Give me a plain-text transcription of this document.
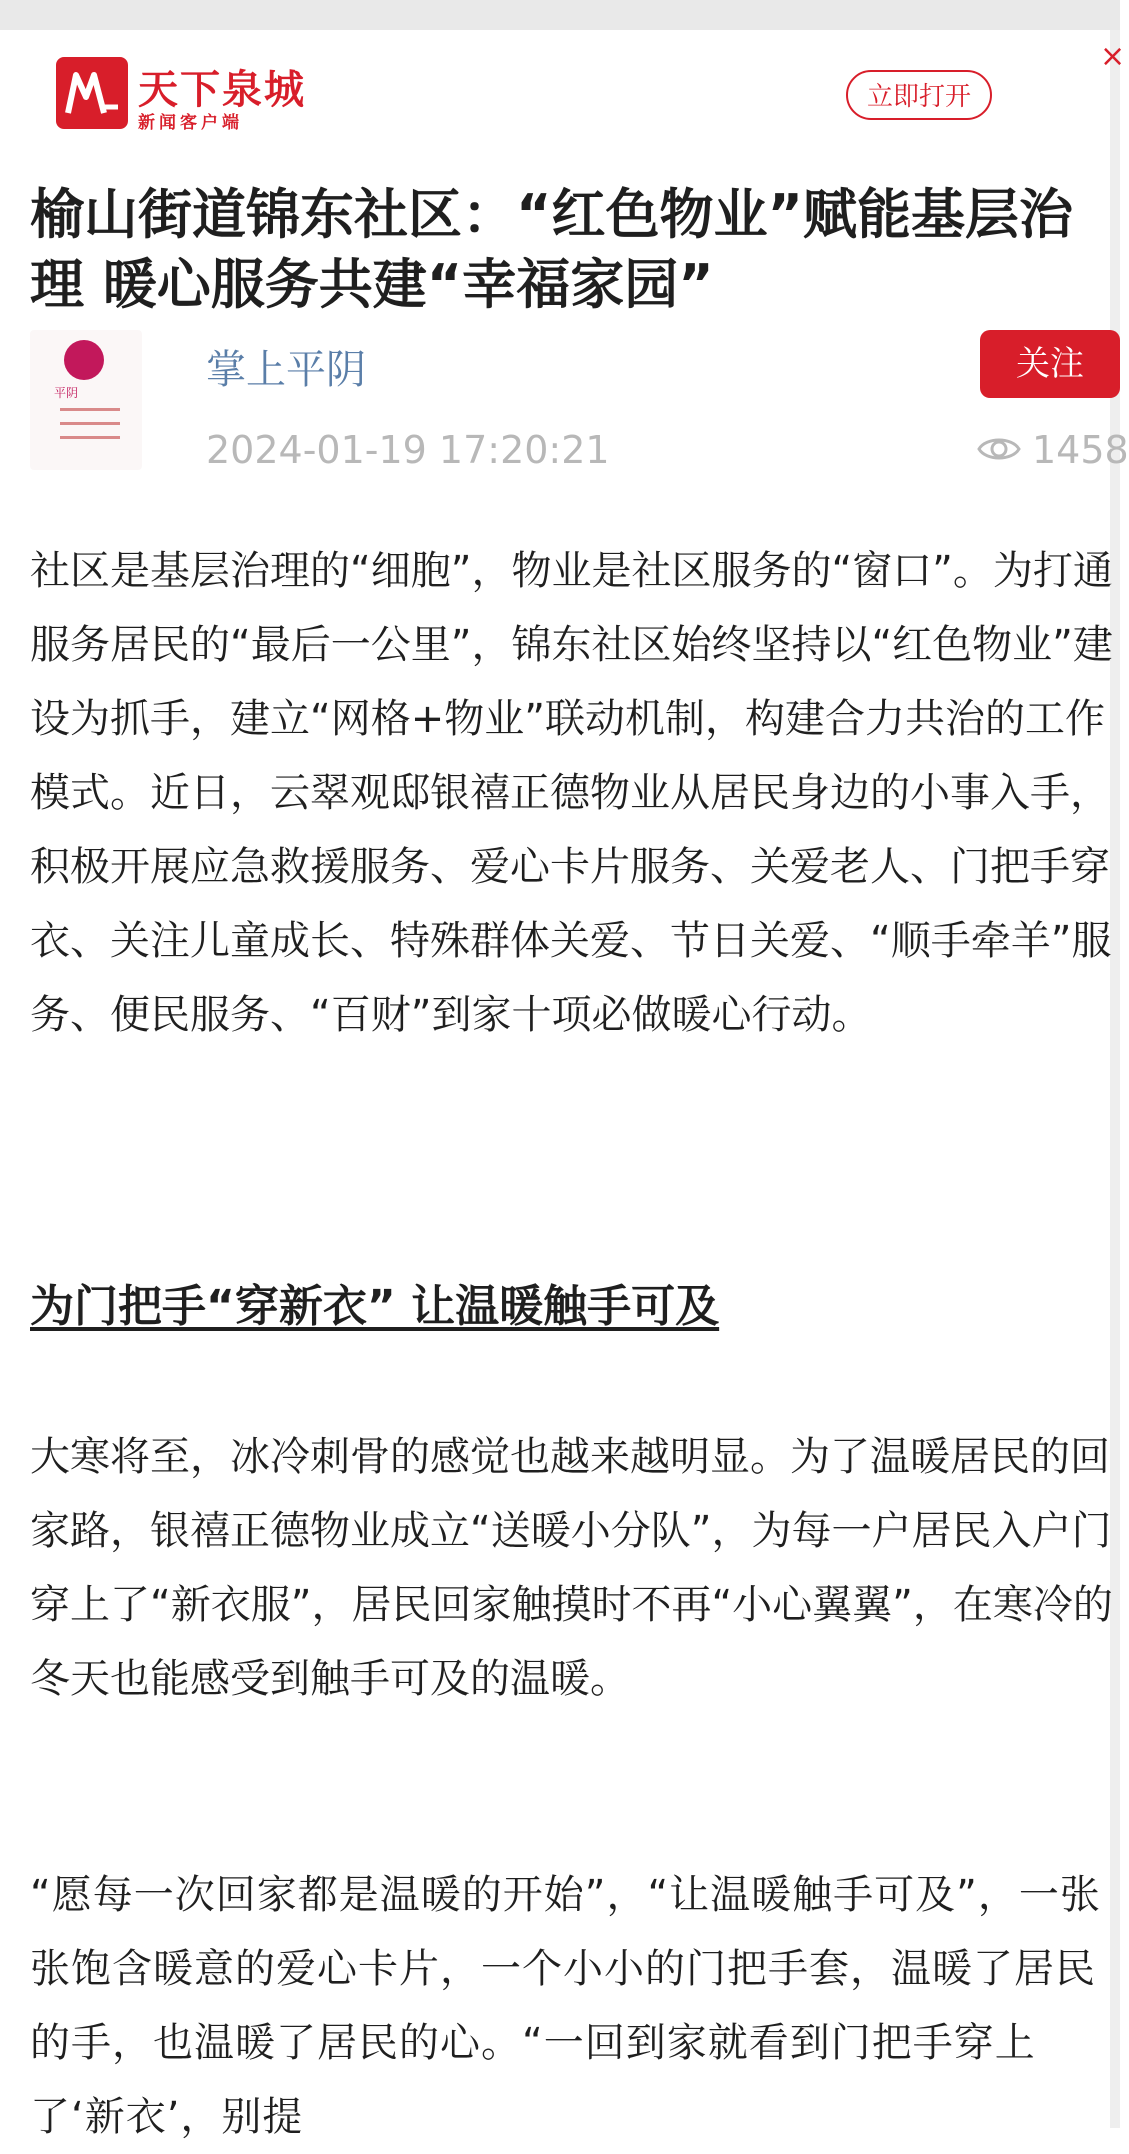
天下泉城
新闻客户端
立即打开
×
榆山街道锦东社区：“红色物业”赋能基层治理 暖心服务共建“幸福家园”
平阴	掌上平阴	关注
2024-01-19 17:20:21	1458

社区是基层治理的“细胞”，物业是社区服务的“窗口”。为打通服务居民的“最后一公里”，锦东社区始终坚持以“红色物业”建设为抓手，建立“网格+物业”联动机制，构建合力共治的工作模式。近日，云翠观邸银禧正德物业从居民身边的小事入手，积极开展应急救援服务、爱心卡片服务、关爱老人、门把手穿衣、关注儿童成长、特殊群体关爱、节日关爱、“顺手牵羊”服务、便民服务、“百财”到家十项必做暖心行动。

为门把手“穿新衣” 让温暖触手可及

大寒将至，冰冷刺骨的感觉也越来越明显。为了温暖居民的回家路，银禧正德物业成立“送暖小分队”，为每一户居民入户门穿上了“新衣服”，居民回家触摸时不再“小心翼翼”，在寒冷的冬天也能感受到触手可及的温暖。

“愿每一次回家都是温暖的开始”，“让温暖触手可及”，一张张饱含暖意的爱心卡片，一个小小的门把手套，温暖了居民的手，也温暖了居民的心。“一回到家就看到门把手穿上了‘新衣’，别提
